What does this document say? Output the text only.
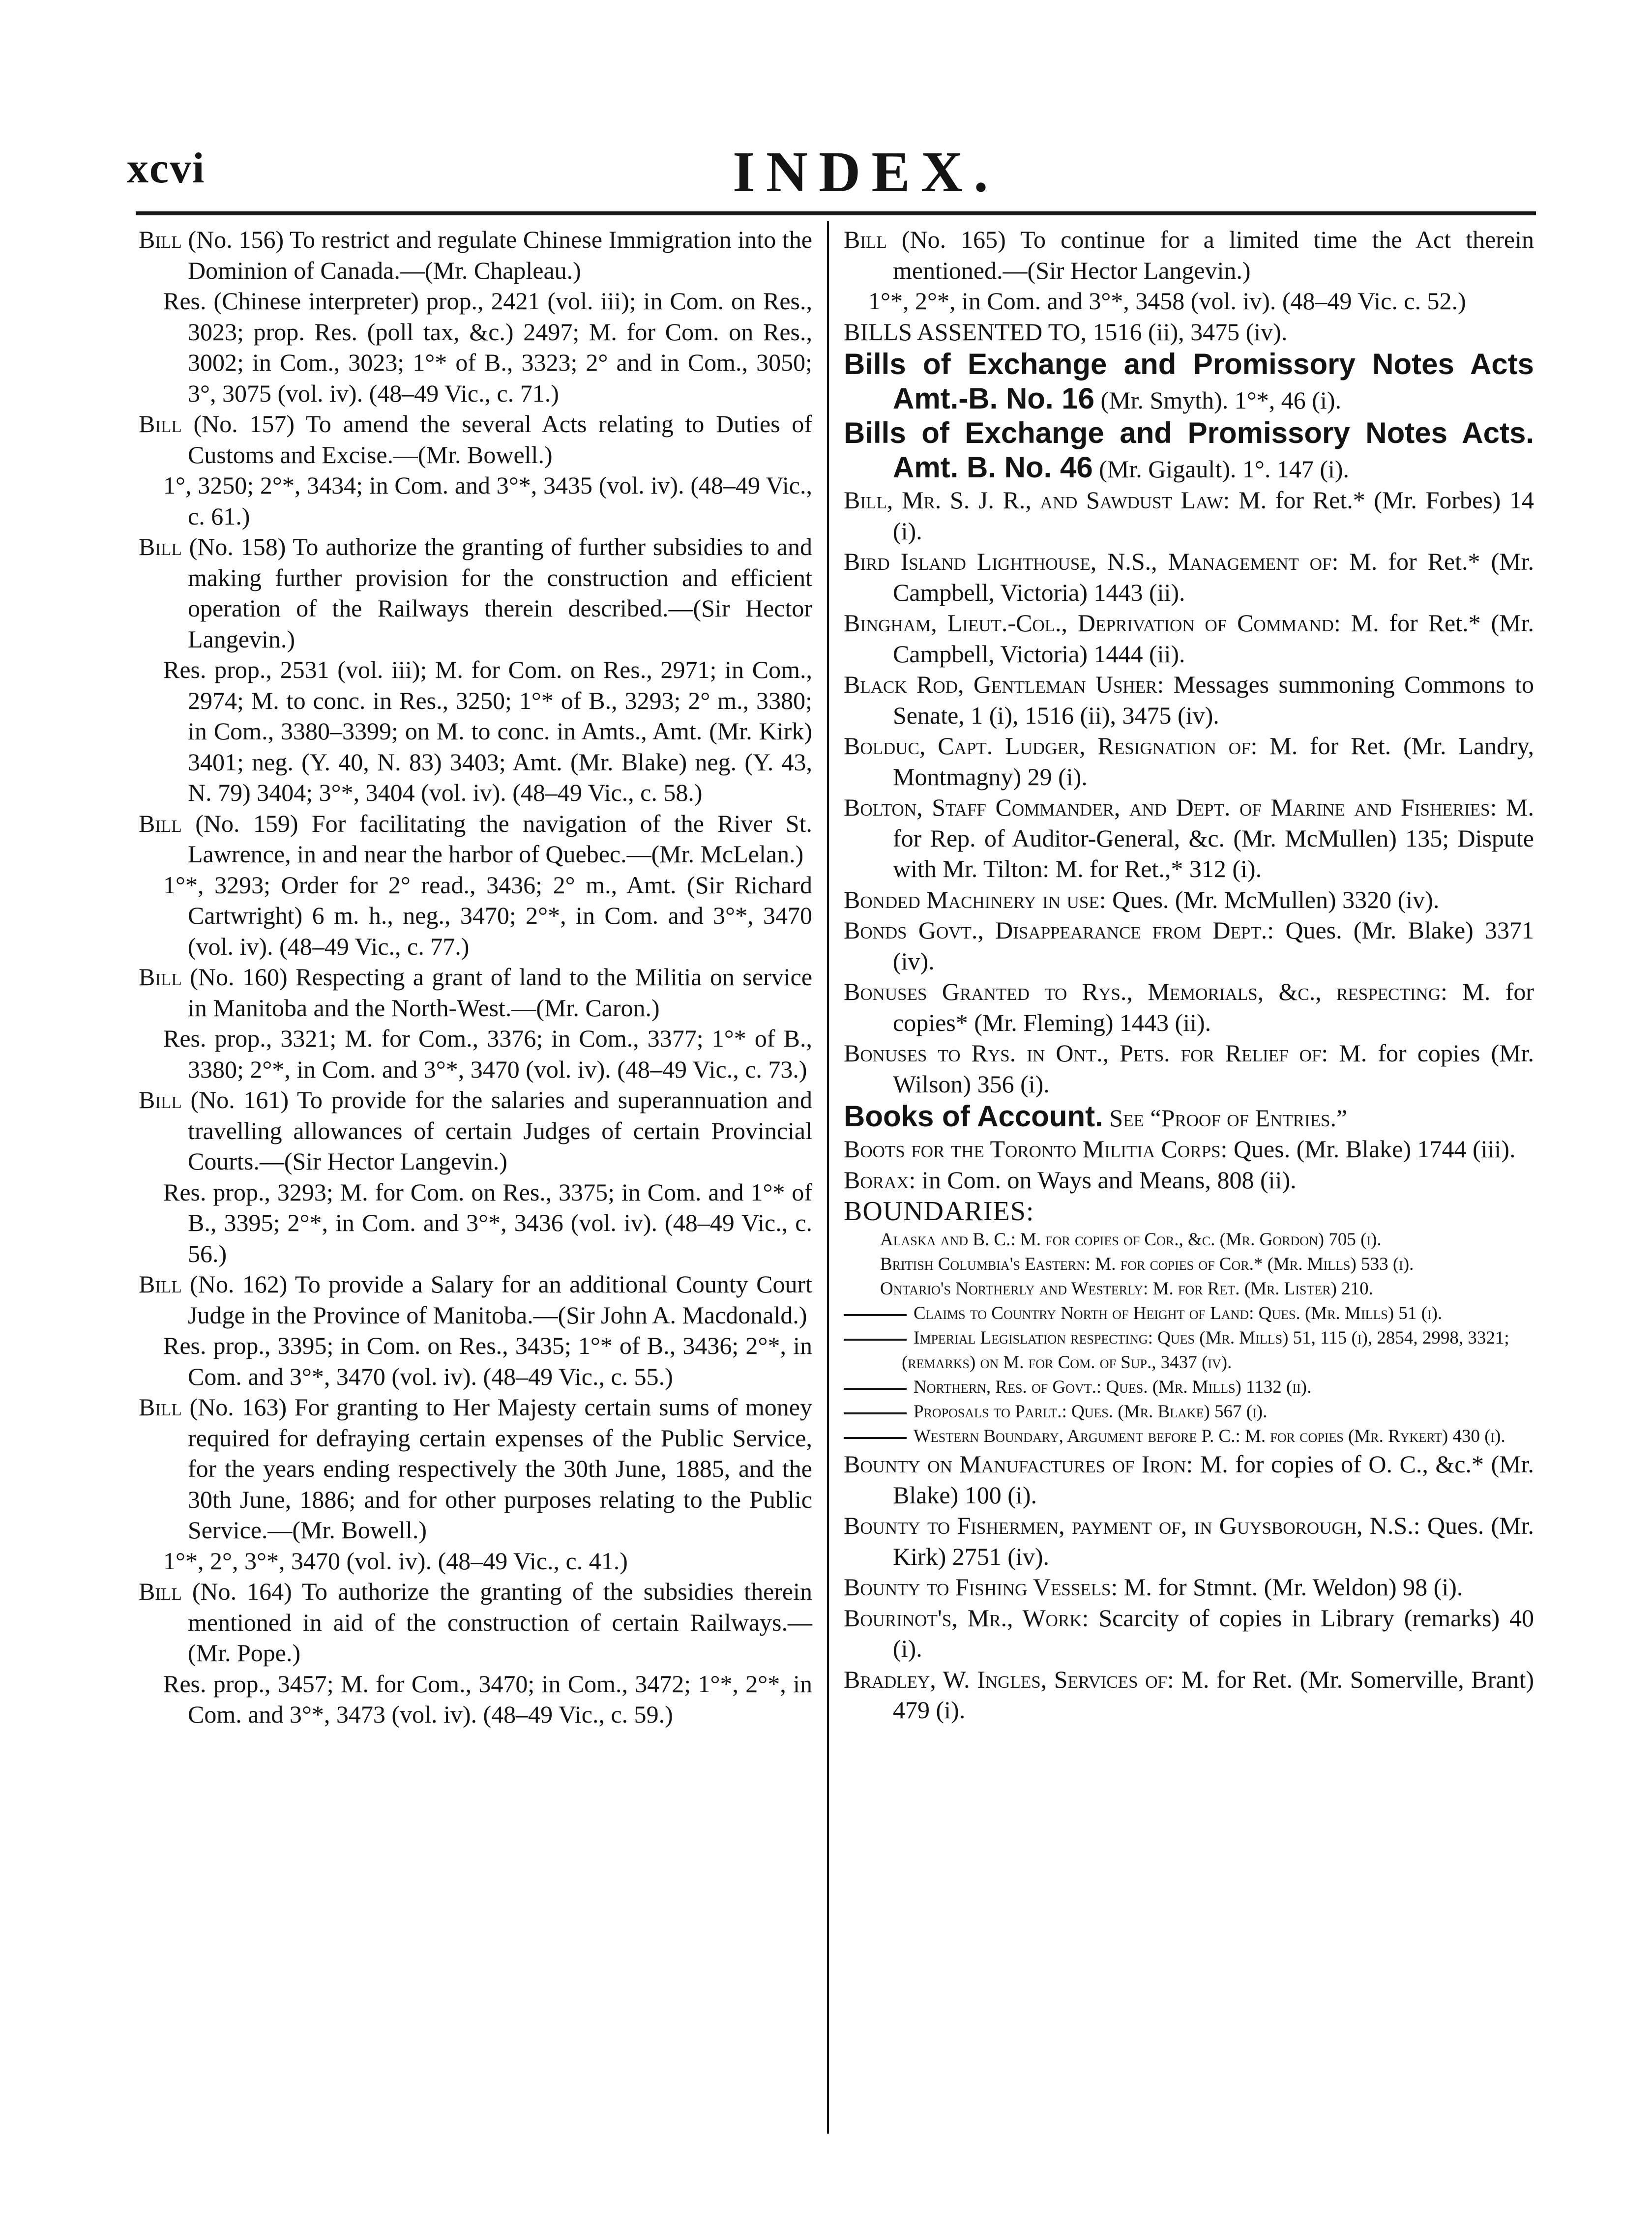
xcvi	INDEX.
Bill (No. 156) To restrict and regulate Chinese Immigration into the Dominion of Canada.—(Mr. Chapleau.)
Res. (Chinese interpreter) prop., 2421 (vol. iii); in Com. on Res., 3023; prop. Res. (poll tax, &c.) 2497; M. for Com. on Res., 3002; in Com., 3023; 1°* of B., 3323; 2° and in Com., 3050; 3°, 3075 (vol. iv). (48–49 Vic., c. 71.)
Bill (No. 157) To amend the several Acts relating to Duties of Customs and Excise.—(Mr. Bowell.)
1°, 3250; 2°*, 3434; in Com. and 3°*, 3435 (vol. iv). (48–49 Vic., c. 61.)
Bill (No. 158) To authorize the granting of further subsidies to and making further provision for the construction and efficient operation of the Railways therein described.—(Sir Hector Langevin.)
Res. prop., 2531 (vol. iii); M. for Com. on Res., 2971; in Com., 2974; M. to conc. in Res., 3250; 1°* of B., 3293; 2° m., 3380; in Com., 3380–3399; on M. to conc. in Amts., Amt. (Mr. Kirk) 3401; neg. (Y. 40, N. 83) 3403; Amt. (Mr. Blake) neg. (Y. 43, N. 79) 3404; 3°*, 3404 (vol. iv). (48–49 Vic., c. 58.)
Bill (No. 159) For facilitating the navigation of the River St. Lawrence, in and near the harbor of Quebec.—(Mr. McLelan.)
1°*, 3293; Order for 2° read., 3436; 2° m., Amt. (Sir Richard Cartwright) 6 m. h., neg., 3470; 2°*, in Com. and 3°*, 3470 (vol. iv). (48–49 Vic., c. 77.)
Bill (No. 160) Respecting a grant of land to the Militia on service in Manitoba and the North-West.—(Mr. Caron.)
Res. prop., 3321; M. for Com., 3376; in Com., 3377; 1°* of B., 3380; 2°*, in Com. and 3°*, 3470 (vol. iv). (48–49 Vic., c. 73.)
Bill (No. 161) To provide for the salaries and superannuation and travelling allowances of certain Judges of certain Provincial Courts.—(Sir Hector Langevin.)
Res. prop., 3293; M. for Com. on Res., 3375; in Com. and 1°* of B., 3395; 2°*, in Com. and 3°*, 3436 (vol. iv). (48–49 Vic., c. 56.)
Bill (No. 162) To provide a Salary for an additional County Court Judge in the Province of Manitoba.—(Sir John A. Macdonald.)
Res. prop., 3395; in Com. on Res., 3435; 1°* of B., 3436; 2°*, in Com. and 3°*, 3470 (vol. iv). (48–49 Vic., c. 55.)
Bill (No. 163) For granting to Her Majesty certain sums of money required for defraying certain expenses of the Public Service, for the years ending respectively the 30th June, 1885, and the 30th June, 1886; and for other purposes relating to the Public Service.—(Mr. Bowell.)
1°*, 2°, 3°*, 3470 (vol. iv). (48–49 Vic., c. 41.)
Bill (No. 164) To authorize the granting of the subsidies therein mentioned in aid of the construction of certain Railways.—(Mr. Pope.)
Res. prop., 3457; M. for Com., 3470; in Com., 3472; 1°*, 2°*, in Com. and 3°*, 3473 (vol. iv). (48–49 Vic., c. 59.)
Bill (No. 165) To continue for a limited time the Act therein mentioned.—(Sir Hector Langevin.)
1°*, 2°*, in Com. and 3°*, 3458 (vol. iv). (48–49 Vic. c. 52.)
BILLS ASSENTED TO, 1516 (ii), 3475 (iv).
Bills of Exchange and Promissory Notes Acts Amt.-B. No. 16 (Mr. Smyth). 1°*, 46 (i).
Bills of Exchange and Promissory Notes Acts. Amt. B. No. 46 (Mr. Gigault). 1°. 147 (i).
Bill, Mr. S. J. R., and Sawdust Law: M. for Ret.* (Mr. Forbes) 14 (i).
Bird Island Lighthouse, N.S., Management of: M. for Ret.* (Mr. Campbell, Victoria) 1443 (ii).
Bingham, Lieut.-Col., Deprivation of Command: M. for Ret.* (Mr. Campbell, Victoria) 1444 (ii).
Black Rod, Gentleman Usher: Messages summoning Commons to Senate, 1 (i), 1516 (ii), 3475 (iv).
Bolduc, Capt. Ludger, Resignation of: M. for Ret. (Mr. Landry, Montmagny) 29 (i).
Bolton, Staff Commander, and Dept. of Marine and Fisheries: M. for Rep. of Auditor-General, &c. (Mr. McMullen) 135; Dispute with Mr. Tilton: M. for Ret.,* 312 (i).
Bonded Machinery in use: Ques. (Mr. McMullen) 3320 (iv).
Bonds Govt., Disappearance from Dept.: Ques. (Mr. Blake) 3371 (iv).
Bonuses Granted to Rys., Memorials, &c., respecting: M. for copies* (Mr. Fleming) 1443 (ii).
Bonuses to Rys. in Ont., Pets. for Relief of: M. for copies (Mr. Wilson) 356 (i).
Books of Account. See “Proof of Entries.”
Boots for the Toronto Militia Corps: Ques. (Mr. Blake) 1744 (iii).
Borax: in Com. on Ways and Means, 808 (ii).
BOUNDARIES:
Alaska and B. C.: M. for copies of Cor., &c. (Mr. Gordon) 705 (i).
British Columbia's Eastern: M. for copies of Cor.* (Mr. Mills) 533 (i).
Ontario's Northerly and Westerly: M. for Ret. (Mr. Lister) 210.
Claims to Country North of Height of Land: Ques. (Mr. Mills) 51 (i).
Imperial Legislation respecting: Ques (Mr. Mills) 51, 115 (i), 2854, 2998, 3321; (remarks) on M. for Com. of Sup., 3437 (iv).
Northern, Res. of Govt.: Ques. (Mr. Mills) 1132 (ii).
Proposals to Parlt.: Ques. (Mr. Blake) 567 (i).
Western Boundary, Argument before P. C.: M. for copies (Mr. Rykert) 430 (i).
Bounty on Manufactures of Iron: M. for copies of O. C., &c.* (Mr. Blake) 100 (i).
Bounty to Fishermen, payment of, in Guysborough, N.S.: Ques. (Mr. Kirk) 2751 (iv).
Bounty to Fishing Vessels: M. for Stmnt. (Mr. Weldon) 98 (i).
Bourinot's, Mr., Work: Scarcity of copies in Library (remarks) 40 (i).
Bradley, W. Ingles, Services of: M. for Ret. (Mr. Somerville, Brant) 479 (i).
